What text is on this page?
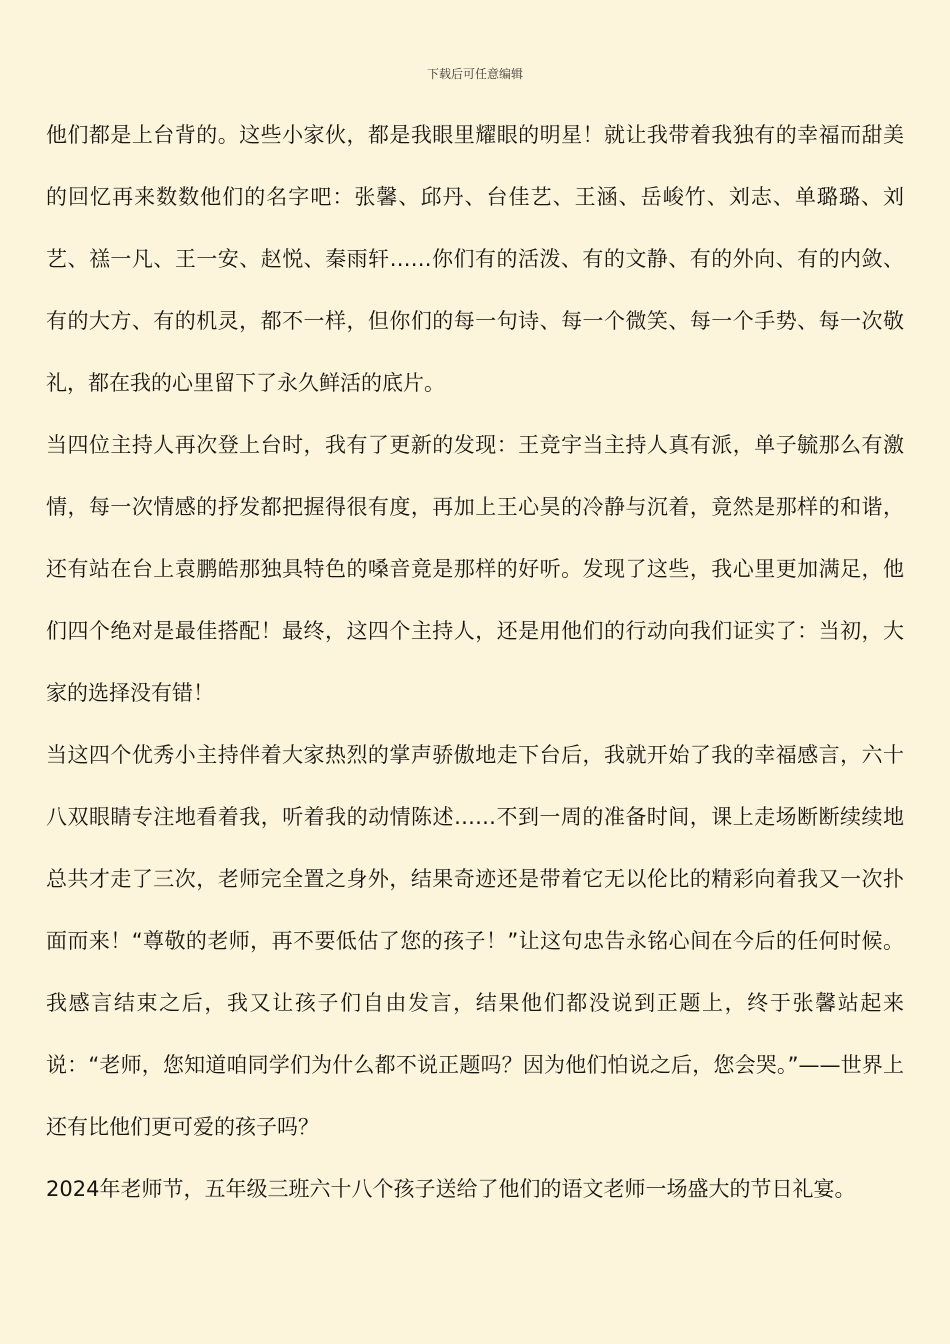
下载后可任意编辑

他们都是上台背的。这些小家伙，都是我眼里耀眼的明星！就让我带着我独有的幸福而甜美的回忆再来数数他们的名字吧：张馨、邱丹、台佳艺、王涵、岳峻竹、刘志、单璐璐、刘艺、禚一凡、王一安、赵悦、秦雨轩……你们有的活泼、有的文静、有的外向、有的内敛、有的大方、有的机灵，都不一样，但你们的每一句诗、每一个微笑、每一个手势、每一次敬礼，都在我的心里留下了永久鲜活的底片。

当四位主持人再次登上台时，我有了更新的发现：王竞宇当主持人真有派，单子毓那么有激情，每一次情感的抒发都把握得很有度，再加上王心昊的冷静与沉着，竟然是那样的和谐，还有站在台上袁鹏皓那独具特色的嗓音竟是那样的好听。发现了这些，我心里更加满足，他们四个绝对是最佳搭配！最终，这四个主持人，还是用他们的行动向我们证实了：当初，大家的选择没有错！

当这四个优秀小主持伴着大家热烈的掌声骄傲地走下台后，我就开始了我的幸福感言，六十八双眼睛专注地看着我，听着我的动情陈述……不到一周的准备时间，课上走场断断续续地总共才走了三次，老师完全置之身外，结果奇迹还是带着它无以伦比的精彩向着我又一次扑面而来！“尊敬的老师，再不要低估了您的孩子！”让这句忠告永铭心间在今后的任何时候。我感言结束之后，我又让孩子们自由发言，结果他们都没说到正题上，终于张馨站起来说：“老师，您知道咱同学们为什么都不说正题吗？因为他们怕说之后，您会哭。”——世界上还有比他们更可爱的孩子吗？

2024年老师节，五年级三班六十八个孩子送给了他们的语文老师一场盛大的节日礼宴。
